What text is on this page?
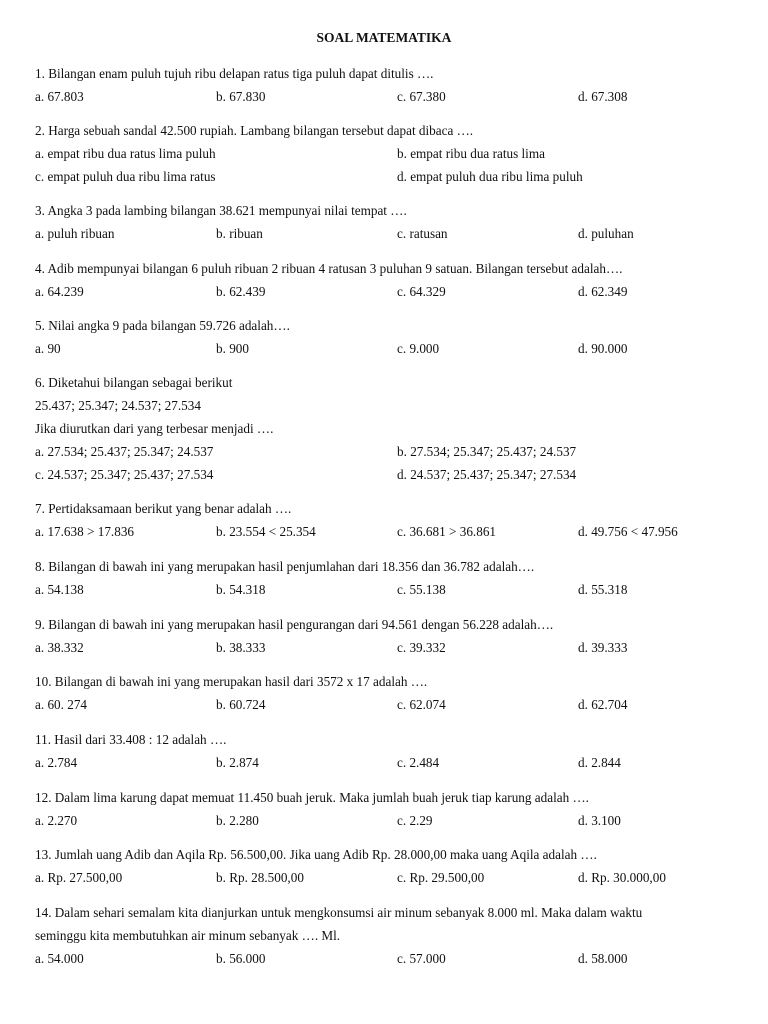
SOAL MATEMATIKA
1. Bilangan enam puluh tujuh ribu delapan ratus tiga puluh dapat ditulis ….
a. 67.803	b. 67.830	c. 67.380	d. 67.308
2. Harga sebuah sandal 42.500 rupiah. Lambang bilangan tersebut dapat dibaca ….
a. empat ribu dua ratus lima puluh	b. empat ribu dua ratus lima
c. empat puluh dua ribu lima ratus	d. empat puluh dua ribu lima puluh
3. Angka 3 pada lambing bilangan 38.621 mempunyai nilai tempat ….
a. puluh ribuan	b. ribuan	c. ratusan	d. puluhan
4. Adib mempunyai bilangan 6 puluh ribuan 2 ribuan 4 ratusan 3 puluhan 9 satuan. Bilangan tersebut adalah….
a. 64.239	b. 62.439	c. 64.329	d. 62.349
5. Nilai angka 9 pada bilangan 59.726 adalah….
a. 90	b. 900	c. 9.000	d. 90.000
6. Diketahui bilangan sebagai berikut
25.437; 25.347; 24.537; 27.534
Jika diurutkan dari yang terbesar menjadi ….
a. 27.534; 25.437; 25.347; 24.537	b. 27.534; 25.347; 25.437; 24.537
c. 24.537; 25.347; 25.437; 27.534	d. 24.537; 25.437; 25.347; 27.534
7. Pertidaksamaan berikut yang benar adalah ….
a. 17.638 > 17.836	b. 23.554 < 25.354	c. 36.681 > 36.861	d. 49.756 < 47.956
8. Bilangan di bawah ini yang merupakan hasil penjumlahan dari 18.356 dan 36.782 adalah….
a. 54.138	b. 54.318	c. 55.138	d. 55.318
9. Bilangan di bawah ini yang merupakan hasil pengurangan dari 94.561 dengan 56.228 adalah….
a. 38.332	b. 38.333	c. 39.332	d. 39.333
10. Bilangan di bawah ini yang merupakan hasil dari 3572 x 17 adalah ….
a. 60. 274	b. 60.724	c. 62.074	d. 62.704
11. Hasil dari 33.408 : 12 adalah ….
a. 2.784	b. 2.874	c. 2.484	d. 2.844
12. Dalam lima karung dapat memuat 11.450 buah jeruk. Maka jumlah buah jeruk tiap karung adalah ….
a. 2.270	b. 2.280	c. 2.29	d. 3.100
13. Jumlah uang Adib dan Aqila Rp. 56.500,00. Jika uang Adib Rp. 28.000,00 maka uang Aqila adalah ….
a. Rp. 27.500,00	b. Rp. 28.500,00	c. Rp. 29.500,00	d. Rp. 30.000,00
14. Dalam sehari semalam kita dianjurkan untuk mengkonsumsi air minum sebanyak 8.000 ml. Maka dalam waktu
seminggu kita membutuhkan air minum sebanyak …. Ml.
a. 54.000	b. 56.000	c. 57.000	d. 58.000
